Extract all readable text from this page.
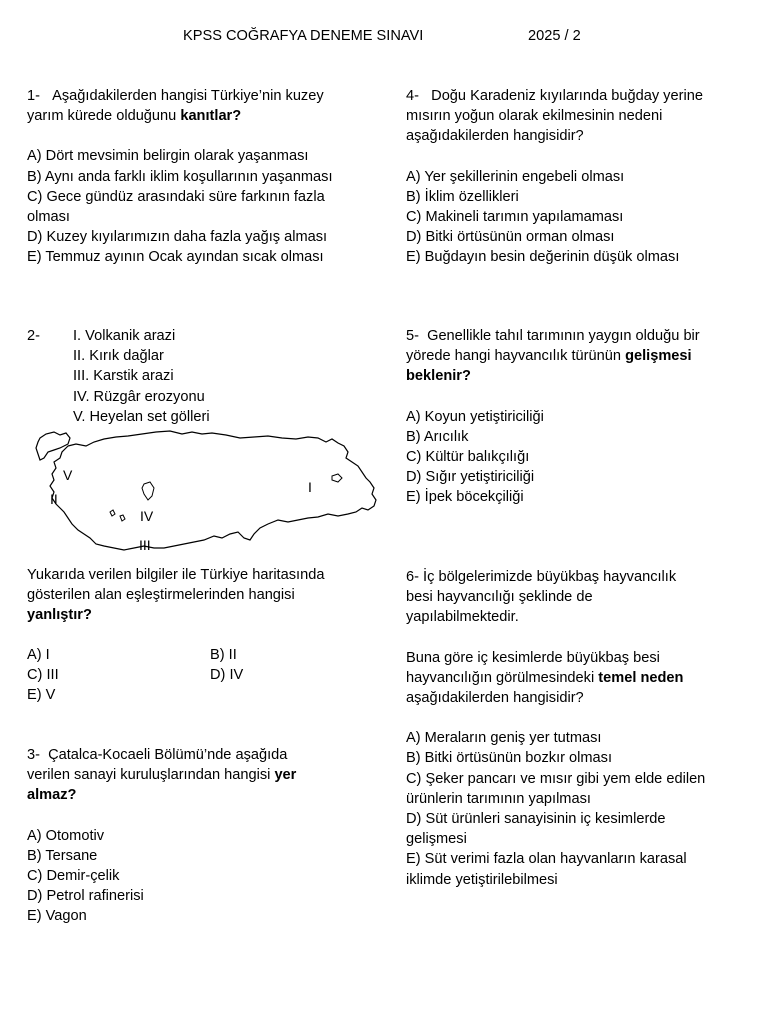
KPSS COĞRAFYA DENEME SINAVI	2025 / 2
1- Aşağıdakilerden hangisi Türkiye’nin kuzey
yarım kürede olduğunu kanıtlar?
A) Dört mevsimin belirgin olarak yaşanması
B) Aynı anda farklı iklim koşullarının yaşanması
C) Gece gündüz arasındaki süre farkının fazla
olması
D) Kuzey kıyılarımızın daha fazla yağış alması
E) Temmuz ayının Ocak ayından sıcak olması
2- I. Volkanik arazi
II. Kırık dağlar
III. Karstik arazi
IV. Rüzgâr erozyonu
V. Heyelan set gölleri
I
II
III
IV
V
Yukarıda verilen bilgiler ile Türkiye haritasında
gösterilen alan eşleştirmelerinden hangisi
yanlıştır?
A) I	B) II
C) III	D) IV
E) V
3- Çatalca-Kocaeli Bölümü’nde aşağıda
verilen sanayi kuruluşlarından hangisi yer
almaz?
A) Otomotiv
B) Tersane
C) Demir-çelik
D) Petrol rafinerisi
E) Vagon
4- Doğu Karadeniz kıyılarında buğday yerine
mısırın yoğun olarak ekilmesinin nedeni
aşağıdakilerden hangisidir?
A) Yer şekillerinin engebeli olması
B) İklim özellikleri
C) Makineli tarımın yapılamaması
D) Bitki örtüsünün orman olması
E) Buğdayın besin değerinin düşük olması
5- Genellikle tahıl tarımının yaygın olduğu bir
yörede hangi hayvancılık türünün gelişmesi
beklenir?
A) Koyun yetiştiriciliği
B) Arıcılık
C) Kültür balıkçılığı
D) Sığır yetiştiriciliği
E) İpek böcekçiliği
6- İç bölgelerimizde büyükbaş hayvancılık
besi hayvancılığı şeklinde de
yapılabilmektedir.
Buna göre iç kesimlerde büyükbaş besi
hayvancılığın görülmesindeki temel neden
aşağıdakilerden hangisidir?
A) Meraların geniş yer tutması
B) Bitki örtüsünün bozkır olması
C) Şeker pancarı ve mısır gibi yem elde edilen
ürünlerin tarımının yapılması
D) Süt ürünleri sanayisinin iç kesimlerde
gelişmesi
E) Süt verimi fazla olan hayvanların karasal
iklimde yetiştirilebilmesi
